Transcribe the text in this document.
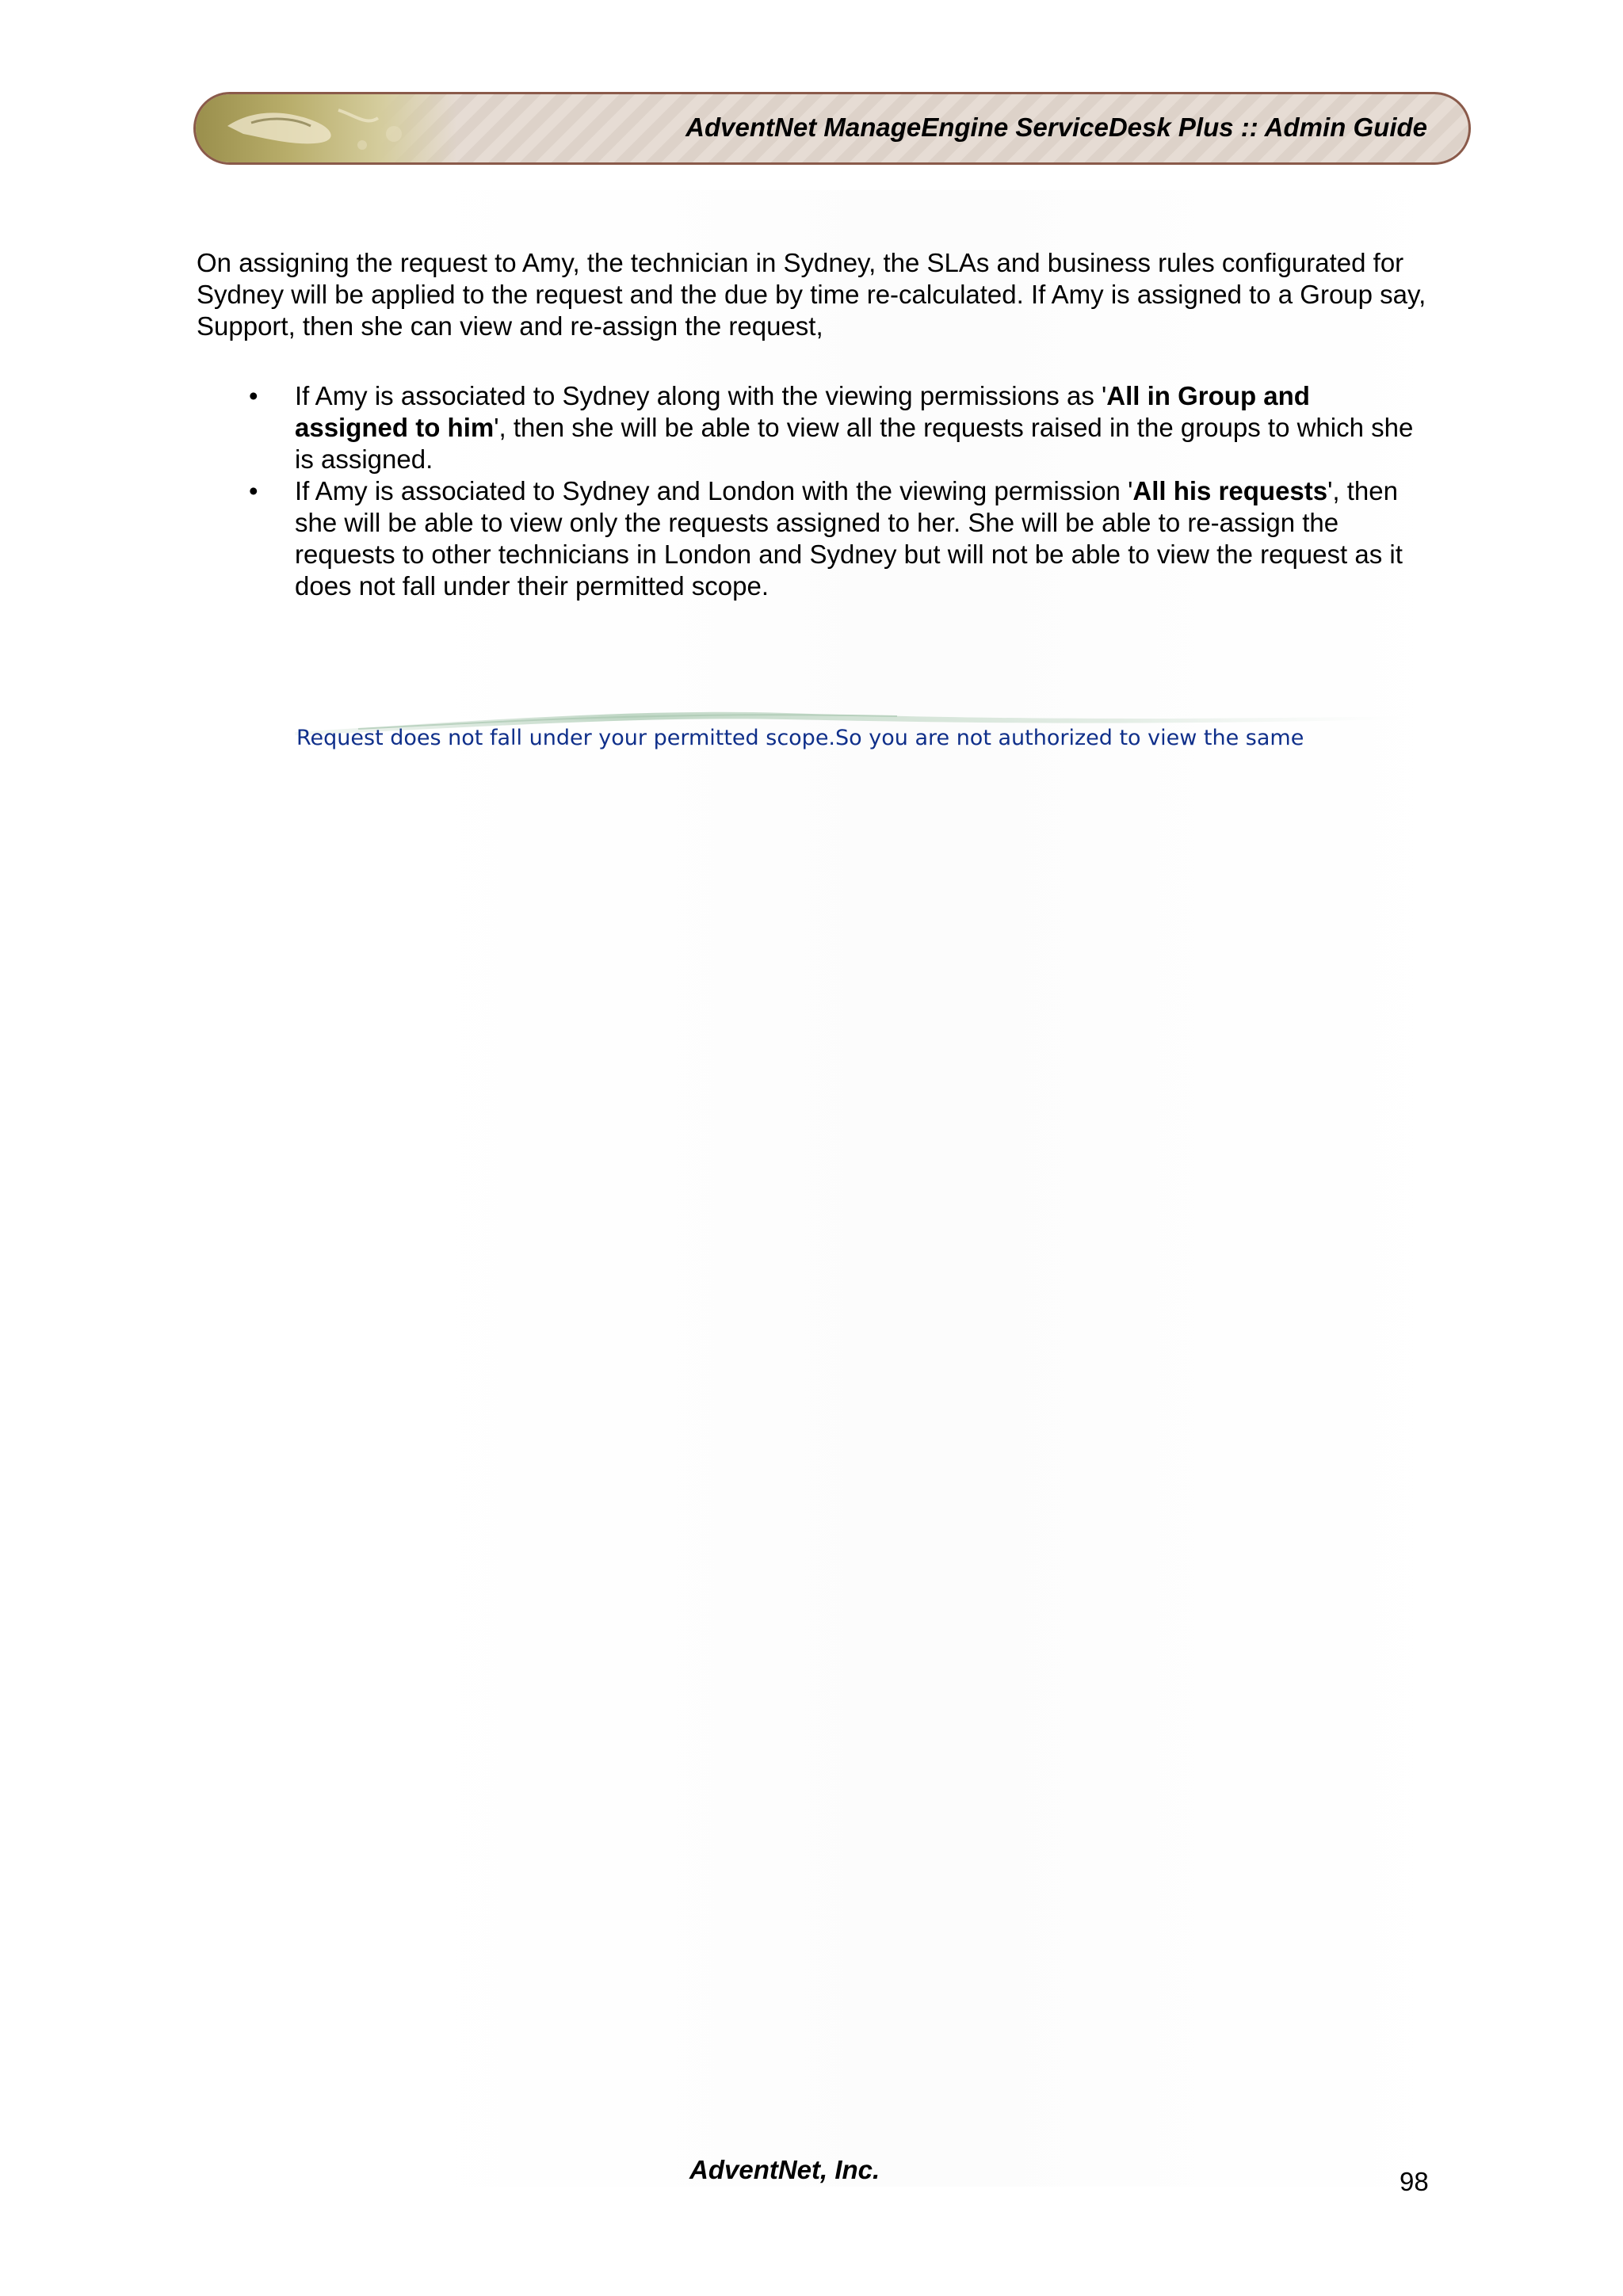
AdventNet ManageEngine ServiceDesk Plus :: Admin Guide

On assigning the request to Amy, the technician in Sydney, the SLAs and business rules configurated for Sydney will be applied to the request and the due by time re-calculated. If Amy is assigned to a Group say, Support, then she can view and re-assign the request,

• If Amy is associated to Sydney along with the viewing permissions as 'All in Group and assigned to him', then she will be able to view all the requests raised in the groups to which she is assigned.
• If Amy is associated to Sydney and London with the viewing permission 'All his requests', then she will be able to view only the requests assigned to her. She will be able to re-assign the requests to other technicians in London and Sydney but will not be able to view the request as it does not fall under their permitted scope.
Request does not fall under your permitted scope.So you are not authorized to view the same
AdventNet, Inc.	98
